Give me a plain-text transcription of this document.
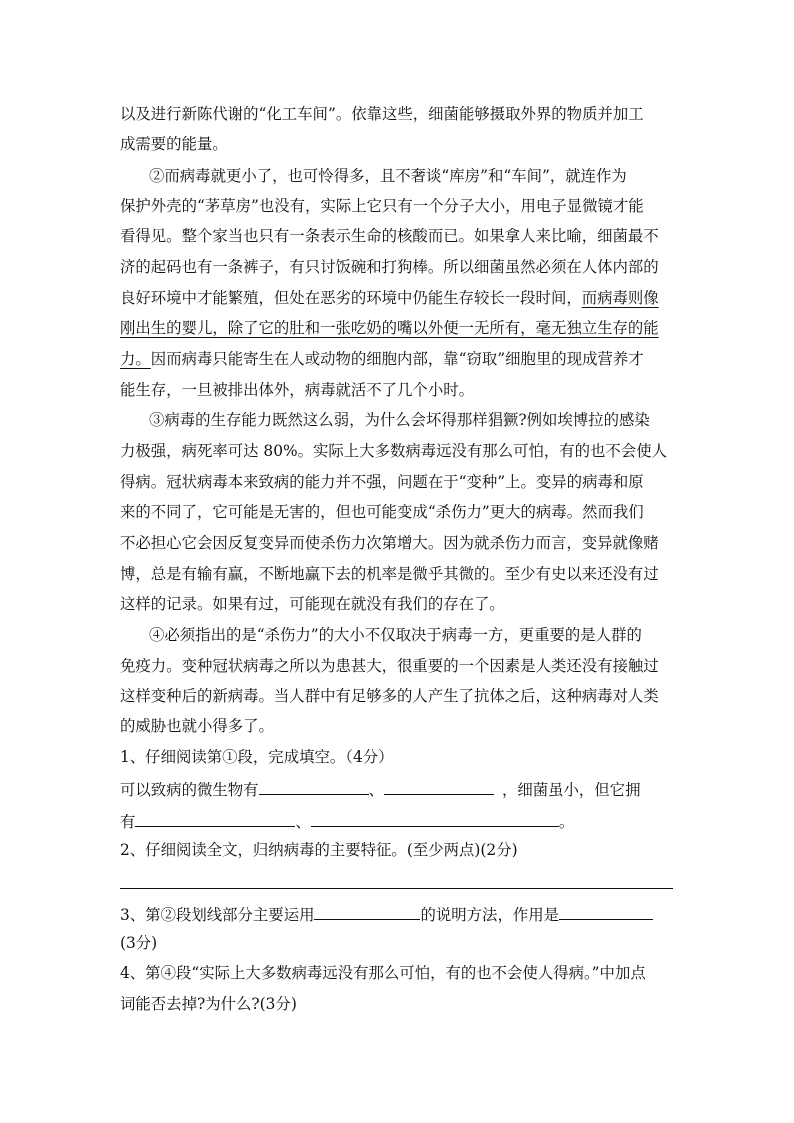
以及进行新陈代谢的“化工车间”。依靠这些，细菌能够摄取外界的物质并加工
成需要的能量。
②而病毒就更小了，也可怜得多，且不奢谈“库房”和“车间”，就连作为
保护外壳的“茅草房”也没有，实际上它只有一个分子大小，用电子显微镜才能
看得见。整个家当也只有一条表示生命的核酸而已。如果拿人来比喻，细菌最不
济的起码也有一条裤子，有只讨饭碗和打狗棒。所以细菌虽然必须在人体内部的
良好环境中才能繁殖，但处在恶劣的环境中仍能生存较长一段时间，而病毒则像
刚出生的婴儿，除了它的肚和一张吃奶的嘴以外便一无所有，毫无独立生存的能
力。因而病毒只能寄生在人或动物的细胞内部，靠“窃取”细胞里的现成营养才
能生存，一旦被排出体外，病毒就活不了几个小时。
③病毒的生存能力既然这么弱，为什么会坏得那样猖獗?例如埃博拉的感染
力极强，病死率可达 80%。实际上大多数病毒远没有那么可怕，有的也不会使人
得病。冠状病毒本来致病的能力并不强，问题在于“变种”上。变异的病毒和原
来的不同了，它可能是无害的，但也可能变成“杀伤力”更大的病毒。然而我们
不必担心它会因反复变异而使杀伤力次第增大。因为就杀伤力而言，变异就像赌
博，总是有输有赢，不断地赢下去的机率是微乎其微的。至少有史以来还没有过
这样的记录。如果有过，可能现在就没有我们的存在了。
④必须指出的是“杀伤力”的大小不仅取决于病毒一方，更重要的是人群的
免疫力。变种冠状病毒之所以为患甚大，很重要的一个因素是人类还没有接触过
这样变种后的新病毒。当人群中有足够多的人产生了抗体之后，这种病毒对人类
的威胁也就小得多了。
1、仔细阅读第①段，完成填空。（4分）
可以致病的微生物有	、	，细菌虽小，但它拥
有	、	。
2、仔细阅读全文，归纳病毒的主要特征。(至少两点)(2分)
3、第②段划线部分主要运用	的说明方法，作用是
(3分)
4、第④段“实际上大多数病毒远没有那么可怕，有的也不会使人得病。”中加点
词能否去掉?为什么?(3分)
